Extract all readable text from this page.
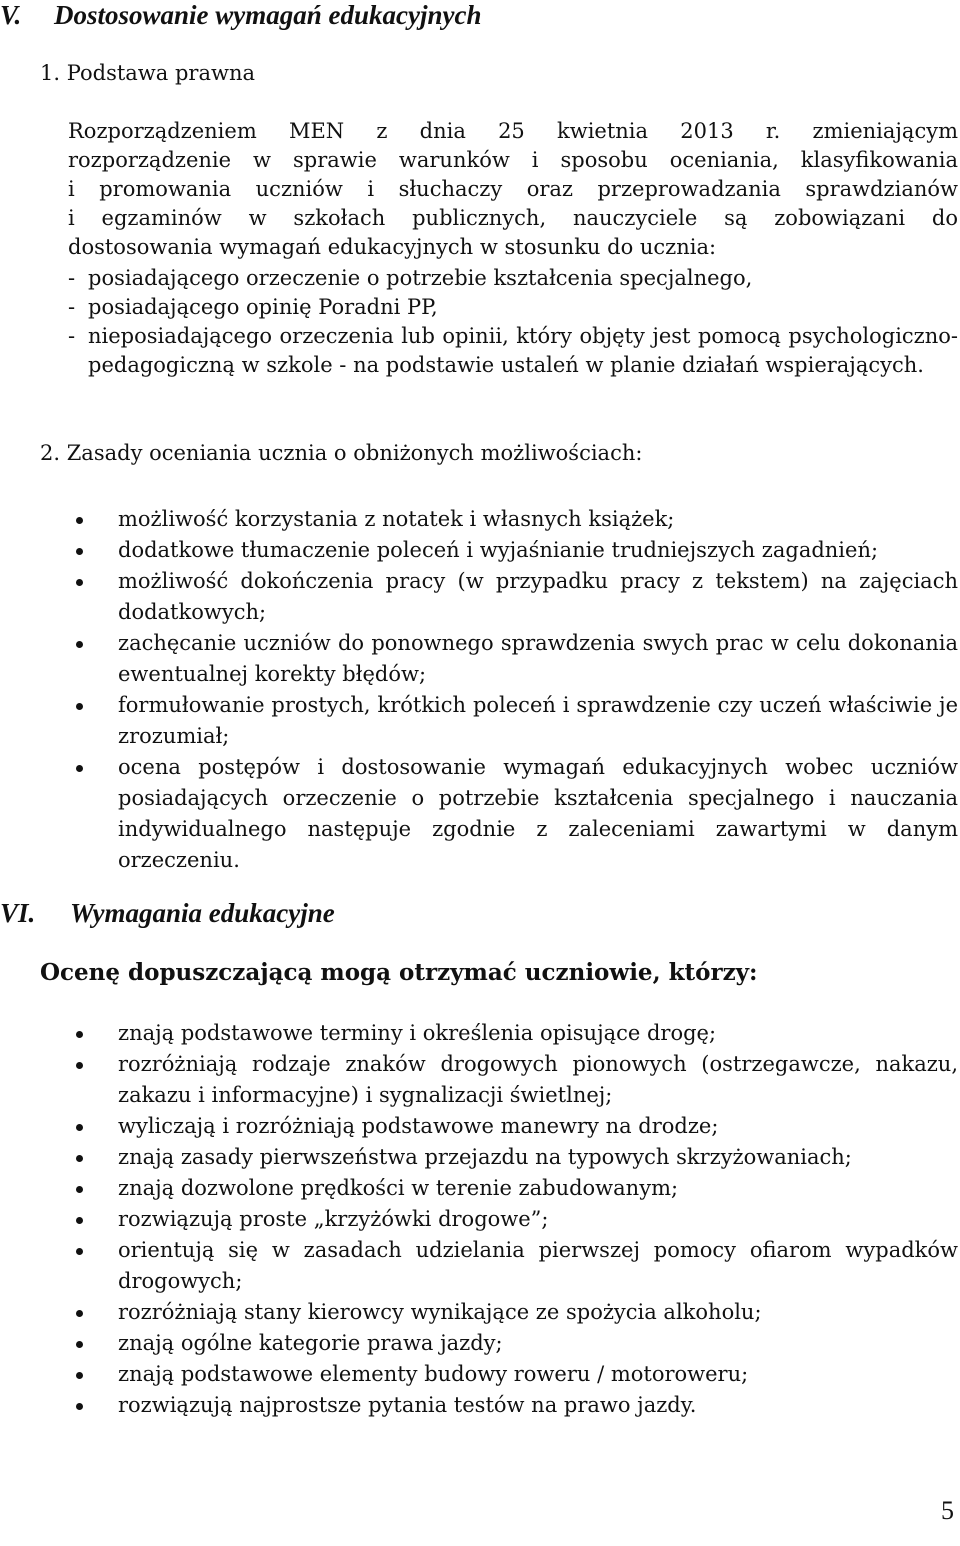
V. Dostosowanie wymagań edukacyjnych
1. Podstawa prawna
Rozporządzeniem MEN z dnia 25 kwietnia 2013 r. zmieniającym
rozporządzenie w sprawie warunków i sposobu oceniania, klasyfikowania
i promowania uczniów i słuchaczy oraz przeprowadzania sprawdzianów
i egzaminów w szkołach publicznych, nauczyciele są zobowiązani do
dostosowania wymagań edukacyjnych w stosunku do ucznia:
- posiadającego orzeczenie o potrzebie kształcenia specjalnego,
- posiadającego opinię Poradni PP,
- nieposiadającego orzeczenia lub opinii, który objęty jest pomocą psychologiczno-pedagogiczną w szkole - na podstawie ustaleń w planie działań wspierających.
2. Zasady oceniania ucznia o obniżonych możliwościach:
możliwość korzystania z notatek i własnych książek;
dodatkowe tłumaczenie poleceń i wyjaśnianie trudniejszych zagadnień;
możliwość dokończenia pracy (w przypadku pracy z tekstem) na zajęciach dodatkowych;
zachęcanie uczniów do ponownego sprawdzenia swych prac w celu dokonania ewentualnej korekty błędów;
formułowanie prostych, krótkich poleceń i sprawdzenie czy uczeń właściwie je zrozumiał;
ocena postępów i dostosowanie wymagań edukacyjnych wobec uczniów posiadających orzeczenie o potrzebie kształcenia specjalnego i nauczania indywidualnego następuje zgodnie z zaleceniami zawartymi w danym orzeczeniu.
VI. Wymagania edukacyjne
Ocenę dopuszczającą mogą otrzymać uczniowie, którzy:
znają podstawowe terminy i określenia opisujące drogę;
rozróżniają rodzaje znaków drogowych pionowych (ostrzegawcze, nakazu, zakazu i informacyjne) i sygnalizacji świetlnej;
wyliczają i rozróżniają podstawowe manewry na drodze;
znają zasady pierwszeństwa przejazdu na typowych skrzyżowaniach;
znają dozwolone prędkości w terenie zabudowanym;
rozwiązują proste „krzyżówki drogowe”;
orientują się w zasadach udzielania pierwszej pomocy ofiarom wypadków drogowych;
rozróżniają stany kierowcy wynikające ze spożycia alkoholu;
znają ogólne kategorie prawa jazdy;
znają podstawowe elementy budowy roweru / motoroweru;
rozwiązują najprostsze pytania testów na prawo jazdy.
5
